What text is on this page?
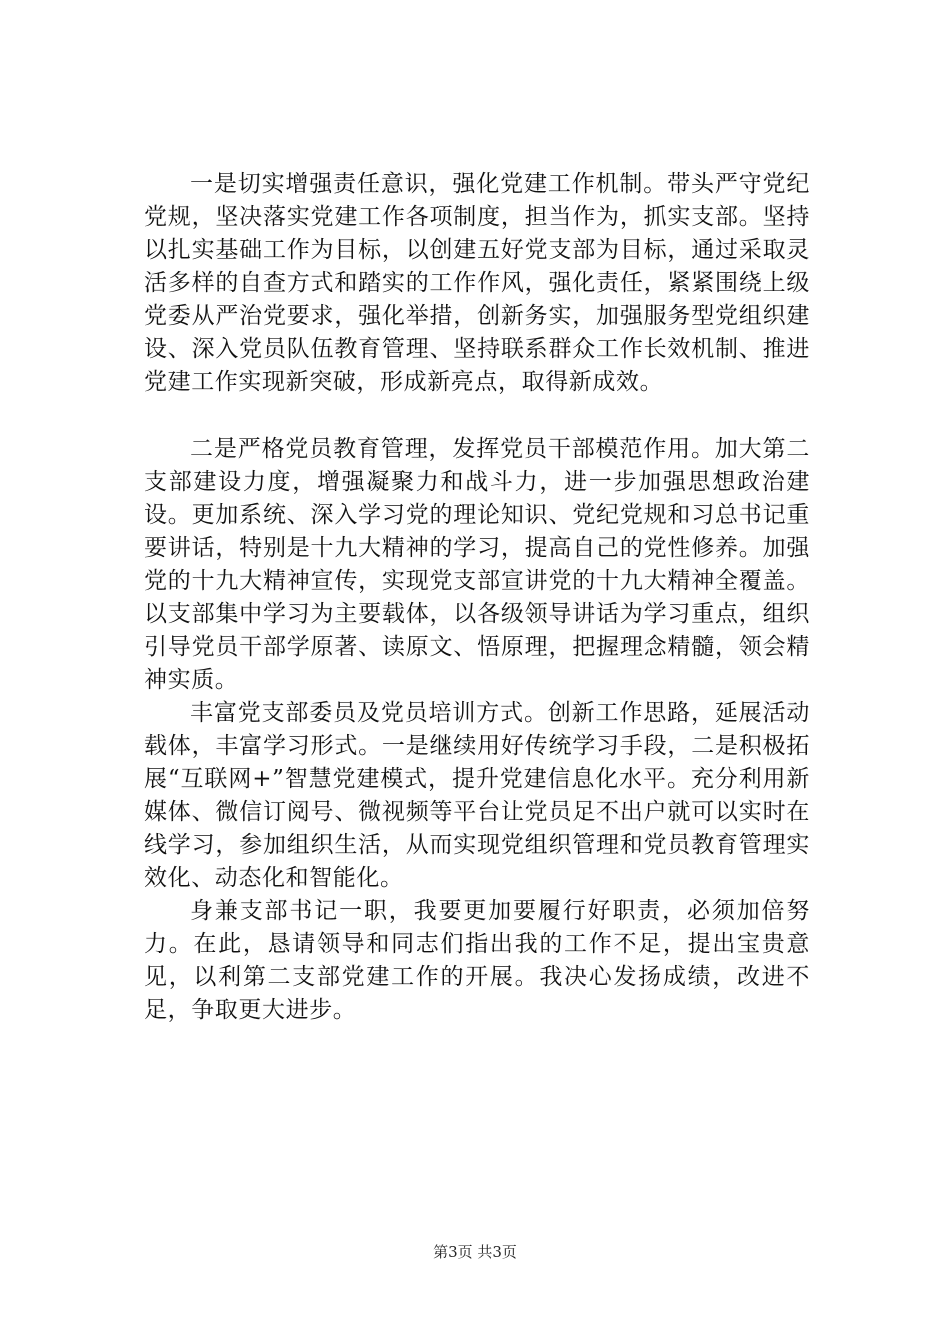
一是切实增强责任意识，强化党建工作机制。带头严守党纪党规，坚决落实党建工作各项制度，担当作为，抓实支部。坚持以扎实基础工作为目标，以创建五好党支部为目标，通过采取灵活多样的自查方式和踏实的工作作风，强化责任，紧紧围绕上级党委从严治党要求，强化举措，创新务实，加强服务型党组织建设、深入党员队伍教育管理、坚持联系群众工作长效机制、推进党建工作实现新突破，形成新亮点，取得新成效。

二是严格党员教育管理，发挥党员干部模范作用。加大第二支部建设力度，增强凝聚力和战斗力，进一步加强思想政治建设。更加系统、深入学习党的理论知识、党纪党规和习总书记重要讲话，特别是十九大精神的学习，提高自己的党性修养。加强党的十九大精神宣传，实现党支部宣讲党的十九大精神全覆盖。以支部集中学习为主要载体，以各级领导讲话为学习重点，组织引导党员干部学原著、读原文、悟原理，把握理念精髓，领会精神实质。

丰富党支部委员及党员培训方式。创新工作思路，延展活动载体，丰富学习形式。一是继续用好传统学习手段，二是积极拓展“互联网+”智慧党建模式，提升党建信息化水平。充分利用新媒体、微信订阅号、微视频等平台让党员足不出户就可以实时在线学习，参加组织生活，从而实现党组织管理和党员教育管理实效化、动态化和智能化。

身兼支部书记一职，我要更加要履行好职责，必须加倍努力。在此，恳请领导和同志们指出我的工作不足，提出宝贵意见，以利第二支部党建工作的开展。我决心发扬成绩，改进不足，争取更大进步。

第3页 共3页
